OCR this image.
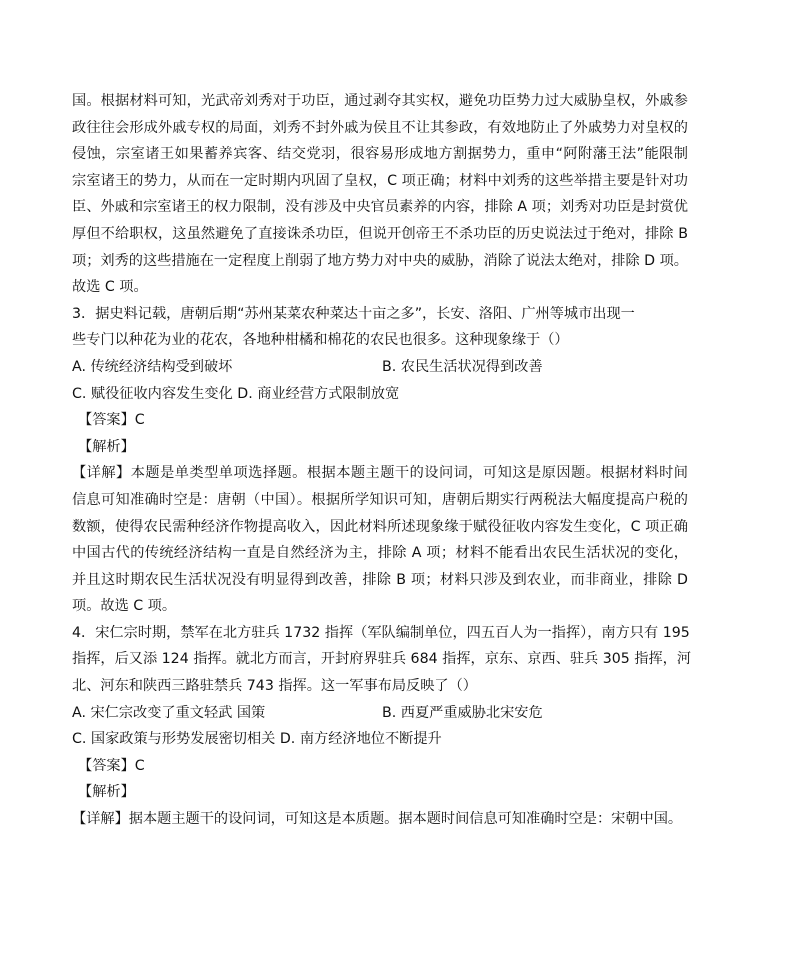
国。根据材料可知，光武帝刘秀对于功臣，通过剥夺其实权，避免功臣势力过大威胁皇权，外戚参
政往往会形成外戚专权的局面，刘秀不封外戚为侯且不让其参政，有效地防止了外戚势力对皇权的
侵蚀，宗室诸王如果蓄养宾客、结交党羽，很容易形成地方割据势力，重申“阿附藩王法”能限制
宗室诸王的势力，从而在一定时期内巩固了皇权，C 项正确；材料中刘秀的这些举措主要是针对功
臣、外戚和宗室诸王的权力限制，没有涉及中央官员素养的内容，排除 A 项；刘秀对功臣是封赏优
厚但不给职权，这虽然避免了直接诛杀功臣，但说开创帝王不杀功臣的历史说法过于绝对，排除 B
项；刘秀的这些措施在一定程度上削弱了地方势力对中央的威胁，消除了说法太绝对，排除 D 项。
故选 C 项。
3．据史料记载，唐朝后期“苏州某菜农种菜达十亩之多”，长安、洛阳、广州等城市出现一
些专门以种花为业的花农，各地种柑橘和棉花的农民也很多。这种现象缘于（）
A. 传统经济结构受到破坏	B. 农民生活状况得到改善
C. 赋役征收内容发生变化 D. 商业经营方式限制放宽
【答案】C
【解析】
【详解】本题是单类型单项选择题。根据本题主题干的设问词，可知这是原因题。根据材料时间
信息可知准确时空是：唐朝（中国）。根据所学知识可知，唐朝后期实行两税法大幅度提高户税的
数额，使得农民需种经济作物提高收入，因此材料所述现象缘于赋役征收内容发生变化，C 项正确
中国古代的传统经济结构一直是自然经济为主，排除 A 项；材料不能看出农民生活状况的变化，
并且这时期农民生活状况没有明显得到改善，排除 B 项；材料只涉及到农业，而非商业，排除 D
项。故选 C 项。
4．宋仁宗时期，禁军在北方驻兵 1732 指挥（军队编制单位，四五百人为一指挥），南方只有 195
指挥，后又添 124 指挥。就北方而言，开封府界驻兵 684 指挥，京东、京西、驻兵 305 指挥，河
北、河东和陕西三路驻禁兵 743 指挥。这一军事布局反映了（）
A. 宋仁宗改变了重文轻武 国策	B. 西夏严重威胁北宋安危
C. 国家政策与形势发展密切相关 D. 南方经济地位不断提升
【答案】C
【解析】
【详解】据本题主题干的设问词，可知这是本质题。据本题时间信息可知准确时空是：宋朝中国。
